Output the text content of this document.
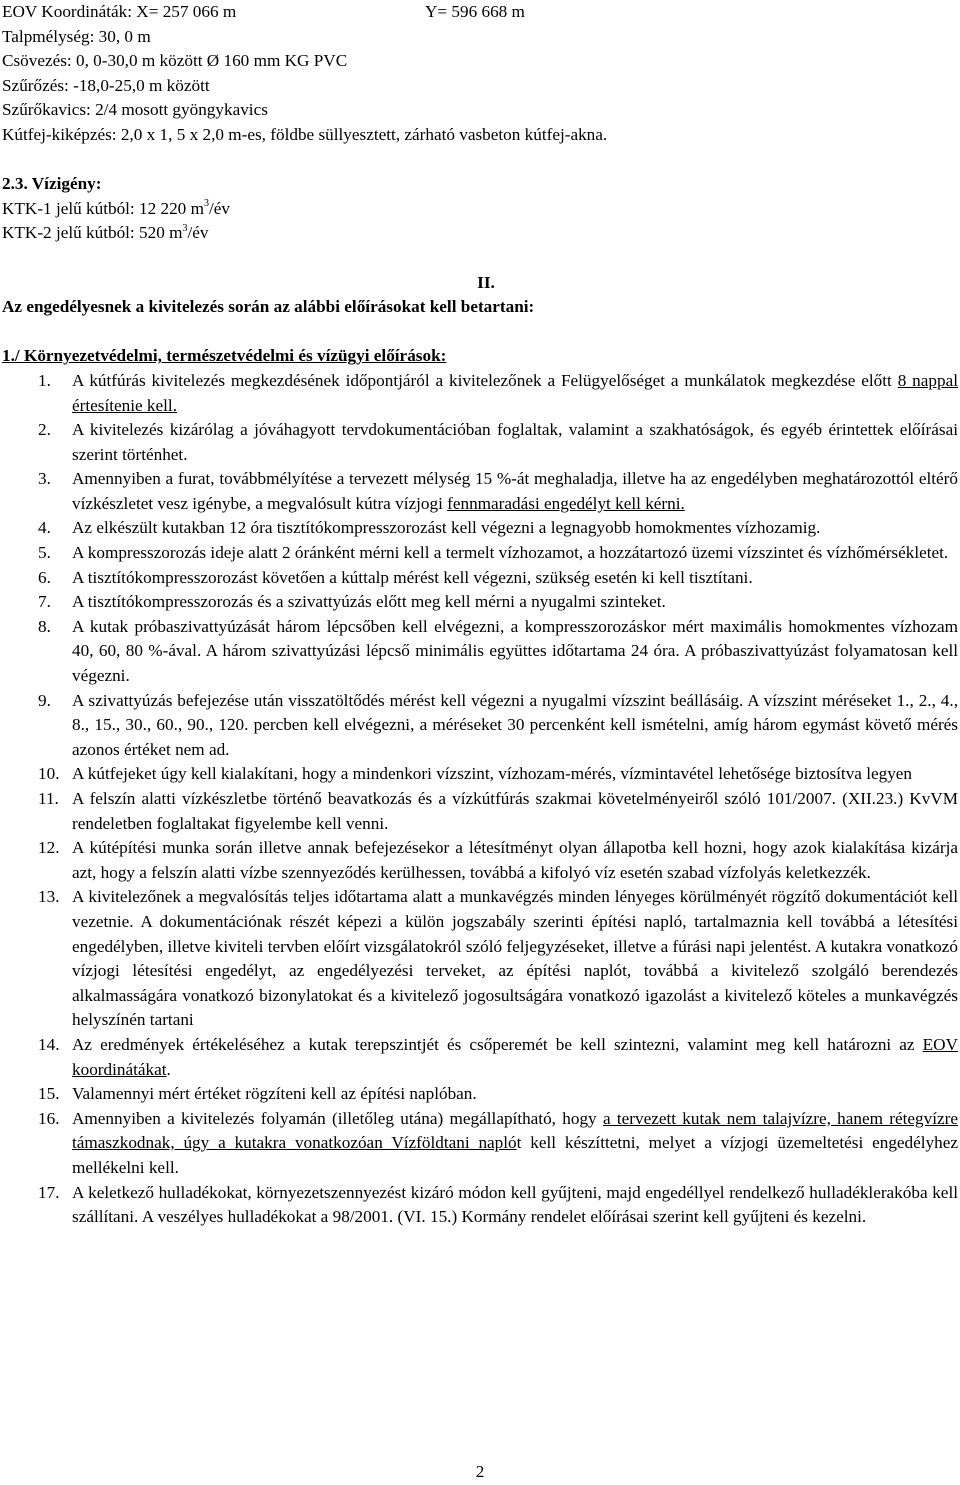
EOV Koordináták: X= 257 066 m	Y= 596 668 m
Talpmélység: 30, 0 m
Csövezés: 0, 0-30,0 m között Ø 160 mm KG PVC
Szűrőzés: -18,0-25,0 m között
Szűrőkavics: 2/4 mosott gyöngykavics
Kútfej-kiképzés: 2,0 x 1, 5 x 2,0 m-es, földbe süllyesztett, zárható vasbeton kútfej-akna.
2.3. Vízigény:
KTK-1 jelű kútból: 12 220 $m^3/év$
KTK-2 jelű kútból: 520 $m^3/év$
II.
Az engedélyesnek a kivitelezés során az alábbi előírásokat kell betartani:
1./ Környezetvédelmi, természetvédelmi és vízügyi előírások:
1.	A kútfúrás kivitelezés megkezdésének időpontjáról a kivitelezőnek a Felügyelőséget a munkálatok megkezdése előtt 8 nappal értesítenie kell.
2.	A kivitelezés kizárólag a jóváhagyott tervdokumentációban foglaltak, valamint a szakhatóságok, és egyéb érintettek előírásai szerint történhet.
3.	Amennyiben a furat, továbbmélyítése a tervezett mélység 15 %-át meghaladja, illetve ha az engedélyben meghatározottól eltérő vízkészletet vesz igénybe, a megvalósult kútra vízjogi fennmaradási engedélyt kell kérni.
4.	Az elkészült kutakban 12 óra tisztítókompresszorozást kell végezni a legnagyobb homokmentes vízhozamig.
5.	A kompresszorozás ideje alatt 2 óránként mérni kell a termelt vízhozamot, a hozzátartozó üzemi vízszintet és vízhőmérsékletet.
6.	A tisztítókompresszorozást követően a kúttalp mérést kell végezni, szükség esetén ki kell tisztítani.
7.	A tisztítókompresszorozás és a szivattyúzás előtt meg kell mérni a nyugalmi szinteket.
8.	A kutak próbaszivattyúzását három lépcsőben kell elvégezni, a kompresszorozáskor mért maximális homokmentes vízhozam 40, 60, 80 %-ával. A három szivattyúzási lépcső minimális együttes időtartama 24 óra. A próbaszivattyúzást folyamatosan kell végezni.
9.	A szivattyúzás befejezése után visszatöltődés mérést kell végezni a nyugalmi vízszint beállásáig. A vízszint méréseket 1., 2., 4., 8., 15., 30., 60., 90., 120. percben kell elvégezni, a méréseket 30 percenként kell ismételni, amíg három egymást követő mérés azonos értéket nem ad.
10. A kútfejeket úgy kell kialakítani, hogy a mindenkori vízszint, vízhozam-mérés, vízmintavétel lehetősége biztosítva legyen
11. A felszín alatti vízkészletbe történő beavatkozás és a vízkútfúrás szakmai követelményeiről szóló 101/2007. (XII.23.) KvVM rendeletben foglaltakat figyelembe kell venni.
12. A kútépítési munka során illetve annak befejezésekor a létesítményt olyan állapotba kell hozni, hogy azok kialakítása kizárja azt, hogy a felszín alatti vízbe szennyeződés kerülhessen, továbbá a kifolyó víz esetén szabad vízfolyás keletkezzék.
13. A kivitelezőnek a megvalósítás teljes időtartama alatt a munkavégzés minden lényeges körülményét rögzítő dokumentációt kell vezetnie. A dokumentációnak részét képezi a külön jogszabály szerinti építési napló, tartalmaznia kell továbbá a létesítési engedélyben, illetve kiviteli tervben előírt vizsgálatokról szóló feljegyzéseket, illetve a fúrási napi jelentést. A kutakra vonatkozó vízjogi létesítési engedélyt, az engedélyezési terveket, az építési naplót, továbbá a kivitelező szolgáló berendezés alkalmasságára vonatkozó bizonylatokat és a kivitelező jogosultságára vonatkozó igazolást a kivitelező köteles a munkavégzés helyszínén tartani
14. Az eredmények értékeléséhez a kutak terepszintjét és csőperemét be kell szintezni, valamint meg kell határozni az EOV koordinátákat.
15. Valamennyi mért értéket rögzíteni kell az építési naplóban.
16. Amennyiben a kivitelezés folyamán (illetőleg utána) megállapítható, hogy a tervezett kutak nem talajvízre, hanem rétegvízre támaszkodnak, úgy a kutakra vonatkozóan Vízföldtani naplót kell készíttetni, melyet a vízjogi üzemeltetési engedélyhez mellékelni kell.
17. A keletkező hulladékokat, környezetszennyezést kizáró módon kell gyűjteni, majd engedéllyel rendelkező hulladéklerakóba kell szállítani. A veszélyes hulladékokat a 98/2001. (VI. 15.) Kormány rendelet előírásai szerint kell gyűjteni és kezelni.
2
